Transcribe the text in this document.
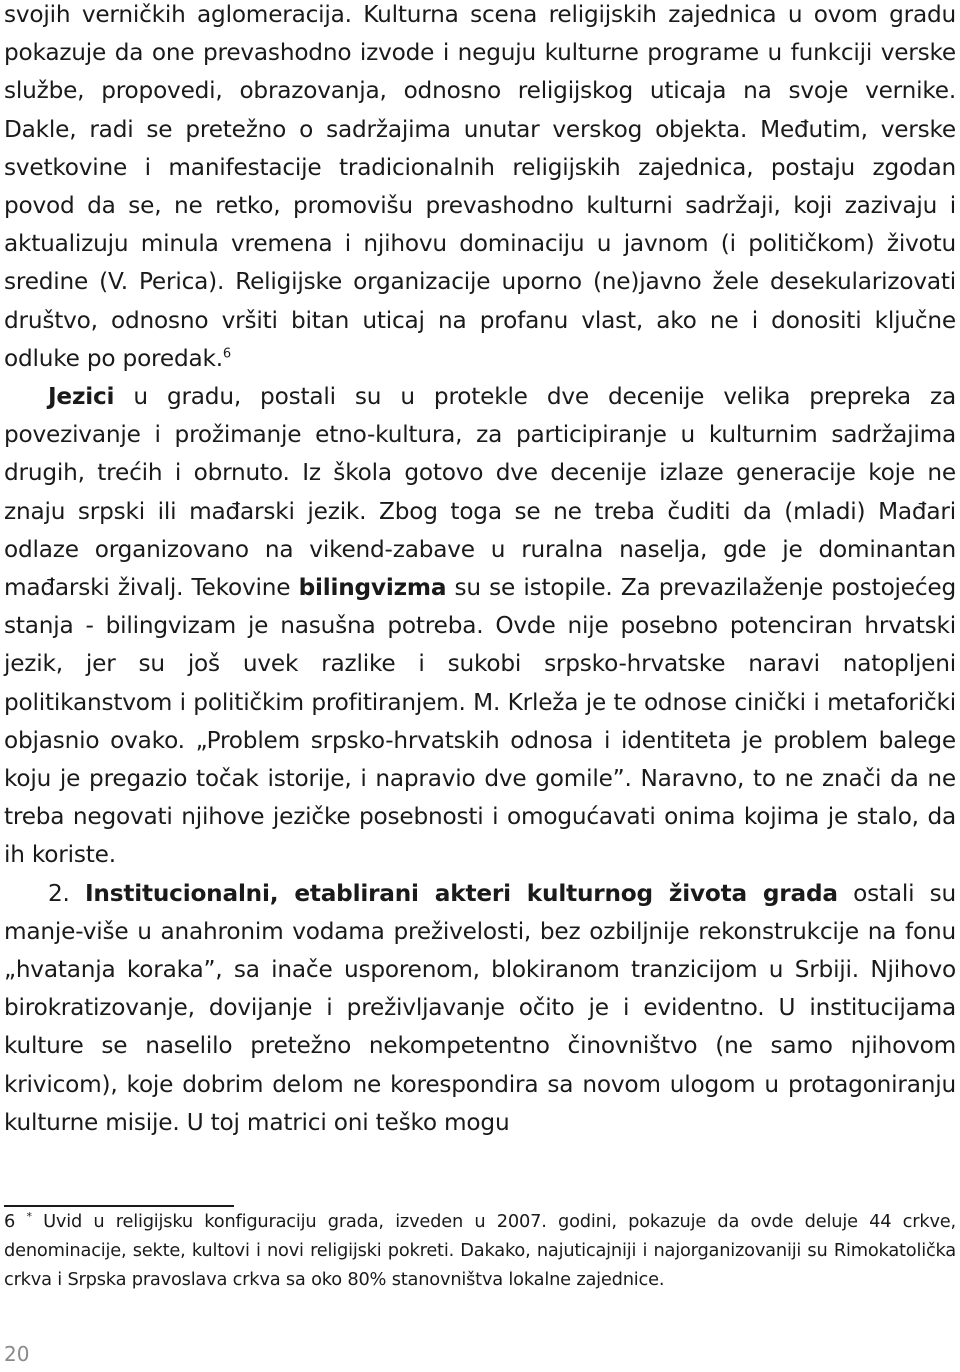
svojih verničkih aglomeracija. Kulturna scena religijskih zajednica u ovom gradu pokazuje da one prevashodno izvode i neguju kulturne programe u funkciji verske službe, propovedi, obrazovanja, odnosno religijskog uticaja na svoje vernike. Dakle, radi se pretežno o sadržajima unutar verskog objekta. Međutim, verske svetkovine i manifestacije tradicionalnih religijskih zajednica, postaju zgodan povod da se, ne retko, promovišu prevashodno kulturni sadržaji, koji zazivaju i aktualizuju minula vremena i njihovu dominaciju u javnom (i političkom) životu sredine (V. Perica). Religijske organizacije uporno (ne)javno žele desekularizovati društvo, odnosno vršiti bitan uticaj na profanu vlast, ako ne i donositi ključne odluke po poredak.$^6$

Jezici u gradu, postali su u protekle dve decenije velika prepreka za povezivanje i prožimanje etno-kultura, za participiranje u kulturnim sadržajima drugih, trećih i obrnuto. Iz škola gotovo dve decenije izlaze generacije koje ne znaju srpski ili mađarski jezik. Zbog toga se ne treba čuditi da (mladi) Mađari odlaze organizovano na vikend-zabave u ruralna naselja, gde je dominantan mađarski živalj. Tekovine bilingvizma su se istopile. Za prevazilaženje postojećeg stanja - bilingvizam je nasušna potreba. Ovde nije posebno potenciran hrvatski jezik, jer su još uvek razlike i sukobi srpsko-hrvatske naravi natopljeni politikanstvom i političkim profitiranjem. M. Krleža je te odnose cinički i metaforički objasnio ovako. „Problem srpsko-hrvatskih odnosa i identiteta je problem balege koju je pregazio točak istorije, i napravio dve gomile”. Naravno, to ne znači da ne treba negovati njihove jezičke posebnosti i omogućavati onima kojima je stalo, da ih koriste.

2. Institucionalni, etablirani akteri kulturnog života grada ostali su manje-više u anahronim vodama preživelosti, bez ozbiljnije rekonstrukcije na fonu „hvatanja koraka”, sa inače usporenom, blokiranom tranzicijom u Srbiji. Njihovo birokratizovanje, dovijanje i preživljavanje očito je i evidentno. U institucijama kulture se naselilo pretežno nekompetentno činovništvo (ne samo njihovom krivicom), koje dobrim delom ne korespondira sa novom ulogom u protagoniranju kulturne misije. U toj matrici oni teško mogu

6 * Uvid u religijsku konfiguraciju grada, izveden u 2007. godini, pokazuje da ovde deluje 44 crkve, denominacije, sekte, kultovi i novi religijski pokreti. Dakako, najuticajniji i najorganizovaniji su Rimokatolička crkva i Srpska pravoslava crkva sa oko 80% stanovništva lokalne zajednice.

20
